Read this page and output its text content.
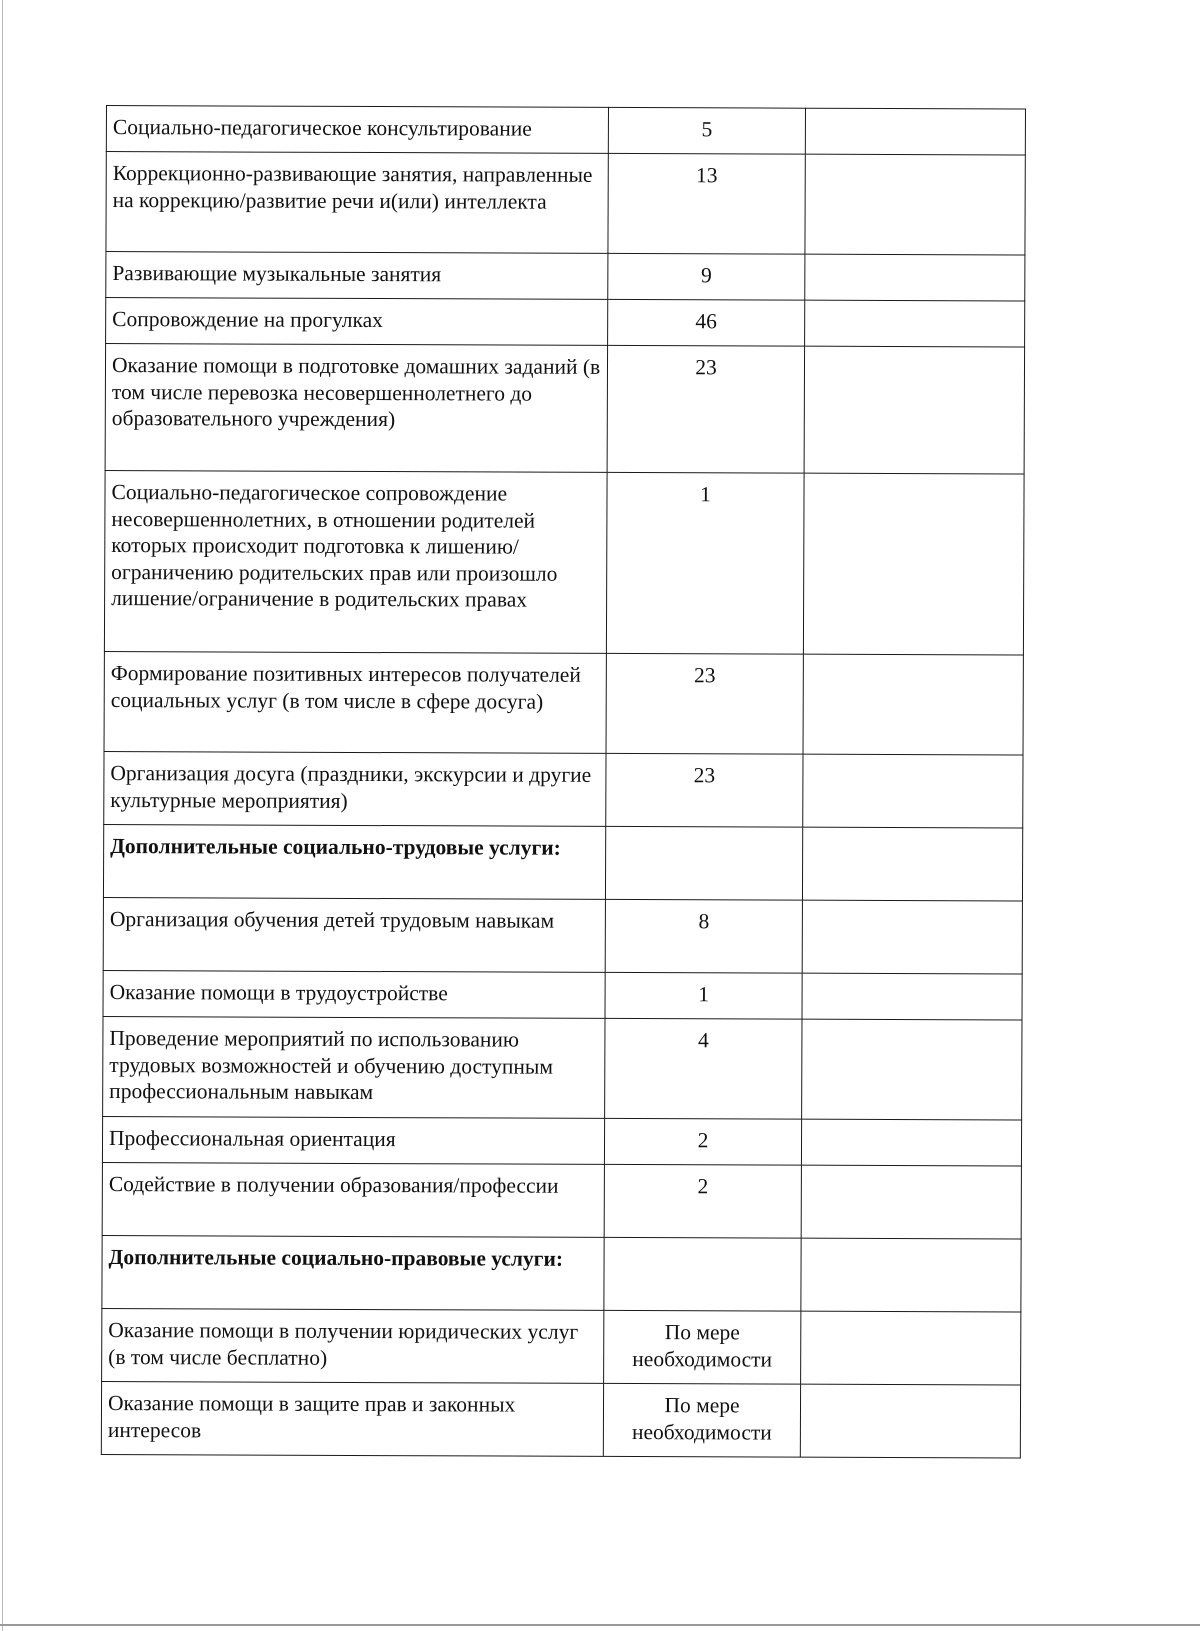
Социально-педагогическое консультирование	5	
Коррекционно-развивающие занятия, направленные на коррекцию/развитие речи и(или) интеллекта	13	
Развивающие музыкальные занятия	9	
Сопровождение на прогулках	46	
Оказание помощи в подготовке домашних заданий (в том числе перевозка несовершеннолетнего до образовательного учреждения)	23	
Социально-педагогическое сопровождение несовершеннолетних, в отношении родителей которых происходит подготовка к лишению/ограничению родительских прав или произошло лишение/ограничение в родительских правах	1	
Формирование позитивных интересов получателей социальных услуг (в том числе в сфере досуга)	23	
Организация досуга (праздники, экскурсии и другие культурные мероприятия)	23	
Дополнительные социально-трудовые услуги:		
Организация обучения детей трудовым навыкам	8	
Оказание помощи в трудоустройстве	1	
Проведение мероприятий по использованию трудовых возможностей и обучению доступным профессиональным навыкам	4	
Профессиональная ориентация	2	
Содействие в получении образования/профессии	2	
Дополнительные социально-правовые услуги:		
Оказание помощи в получении юридических услуг (в том числе бесплатно)	По мере необходимости	
Оказание помощи в защите прав и законных интересов	По мере необходимости	
